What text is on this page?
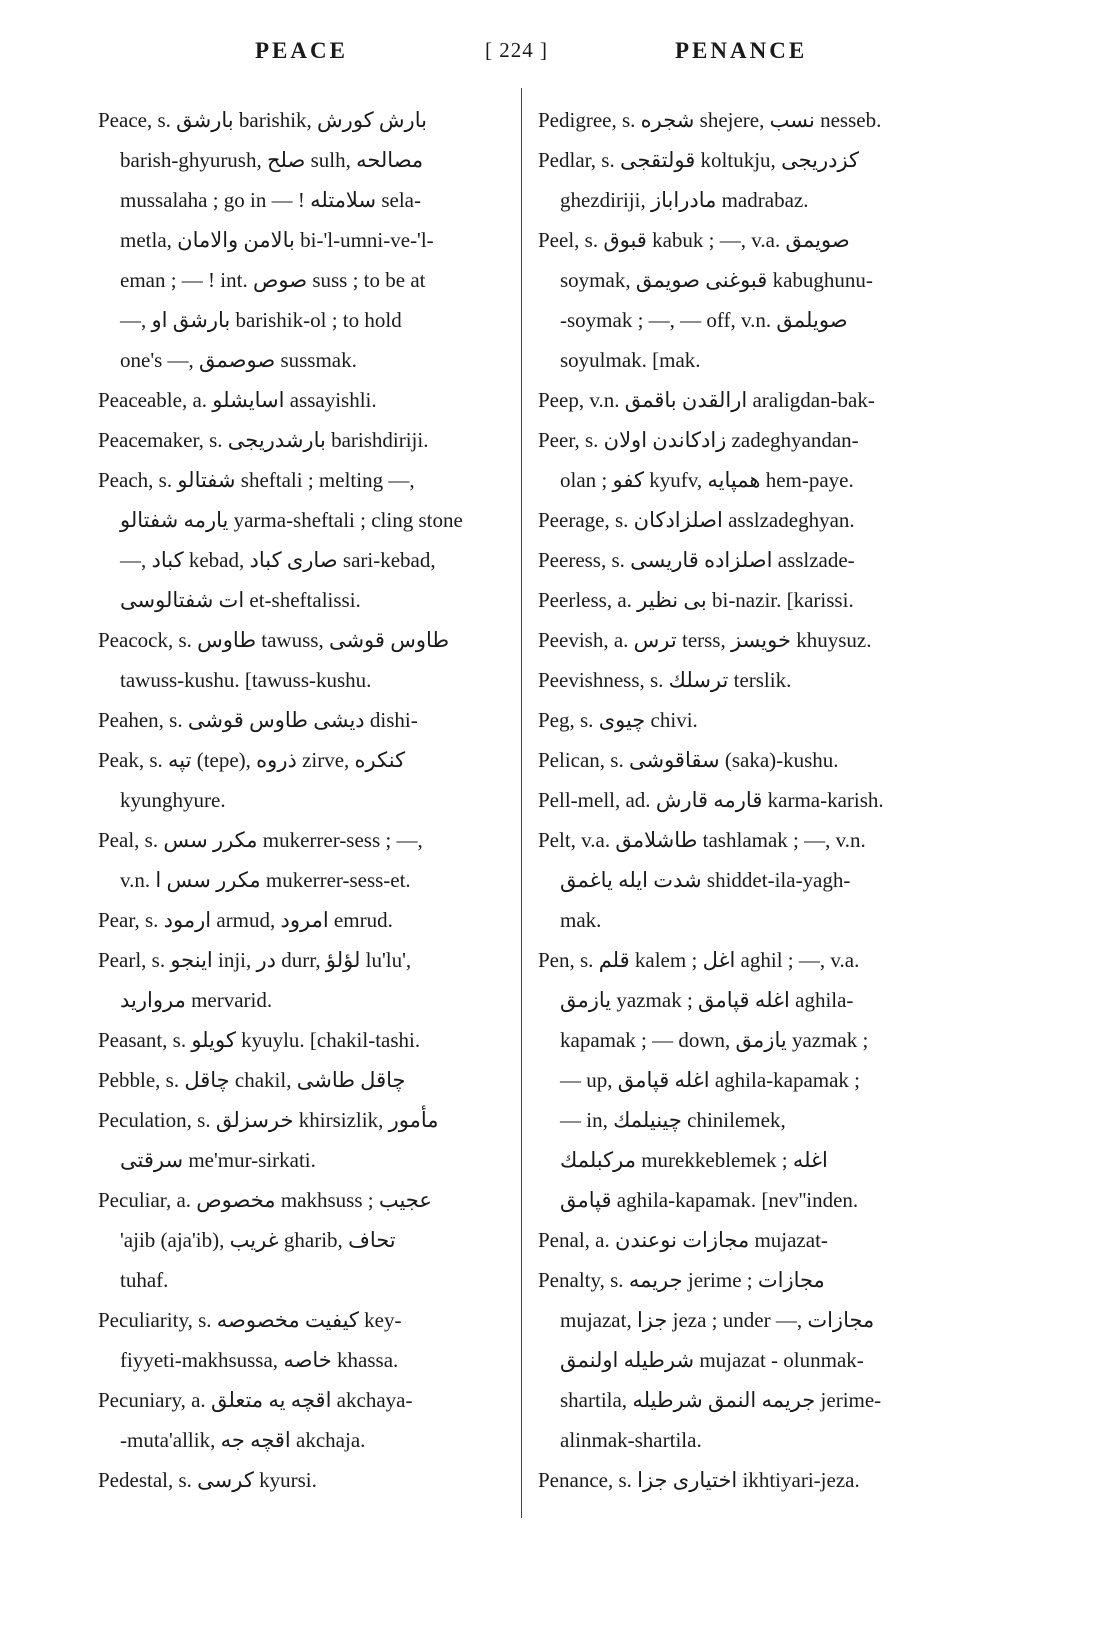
PEACE	[ 224 ]	PENANCE
Peace, s. بارشق barishik, بارش کورش
barish-ghyurush, صلح sulh, مصالحه
mussalaha ; go in — ! سلامتله sela-
metla, بالامن والامان bi-'l-umni-ve-'l-
eman ; — ! int. صوص suss ; to be at
—, بارشق او barishik-ol ; to hold
one's —, صوصمق sussmak.
Peaceable, a. اسایشلو assayishli.
Peacemaker, s. بارشدریجی barishdiriji.
Peach, s. شفتالو sheftali ; melting —,
یارمه شفتالو yarma-sheftali ; cling stone
—, کباد kebad, صاری کباد sari-kebad,
ات شفتالوسی et-sheftalissi.
Peacock, s. طاوس tawuss, طاوس قوشی
tawuss-kushu. [tawuss-kushu.
Peahen, s. دیشی طاوس قوشی dishi-
Peak, s. تپه (tepe), ذروه zirve, کنکره
kyunghyure.
Peal, s. مکرر سس mukerrer-sess ; —,
v.n. مکرر سس ا mukerrer-sess-et.
Pear, s. ارمود armud, امرود emrud.
Pearl, s. اینجو inji, در durr, لؤلؤ lu'lu',
مروارید mervarid.
Peasant, s. کویلو kyuylu. [chakil-tashi.
Pebble, s. چاقل chakil, چاقل طاشی
Peculation, s. خرسزلق khirsizlik, مأمور
سرقتی me'mur-sirkati.
Peculiar, a. مخصوص makhsuss ; عجیب
'ajib (aja'ib), غریب gharib, تحاف
tuhaf.
Peculiarity, s. کیفیت مخصوصه key-
fiyyeti-makhsussa, خاصه khassa.
Pecuniary, a. اقچه یه متعلق akchaya-
-muta'allik, اقچه جه akchaja.
Pedestal, s. کرسی kyursi.
Pedigree, s. شجره shejere, نسب nesseb.
Pedlar, s. قولتقجی koltukju, کزدریجی
ghezdiriji, مادراباز madrabaz.
Peel, s. قبوق kabuk ; —, v.a. صویمق
soymak, قبوغنی صویمق kabughunu-
-soymak ; —, — off, v.n. صویلمق
soyulmak. [mak.
Peep, v.n. ارالقدن باقمق araligdan-bak-
Peer, s. زادکاندن اولان zadeghyandan-
olan ; کفو kyufv, همپایه hem-paye.
Peerage, s. اصلزادکان asslzadeghyan.
Peeress, s. اصلزاده قاریسی asslzade-
Peerless, a. بی نظیر bi-nazir. [karissi.
Peevish, a. ترس terss, خویسز khuysuz.
Peevishness, s. ترسلك terslik.
Peg, s. چیوی chivi.
Pelican, s. سقاقوشی (saka)-kushu.
Pell-mell, ad. قارمه قارش karma-karish.
Pelt, v.a. طاشلامق tashlamak ; —, v.n.
شدت ایله یاغمق shiddet-ila-yagh-
mak.
Pen, s. قلم kalem ; اغل aghil ; —, v.a.
یازمق yazmak ; اغله قپامق aghila-
kapamak ; — down, یازمق yazmak ;
— up, اغله قپامق aghila-kapamak ;
— in, چینیلمك chinilemek,
مرکبلمك murekkeblemek ; اغله
قپامق aghila-kapamak. [nev''inden.
Penal, a. مجازات نوعندن mujazat-
Penalty, s. جریمه jerime ; مجازات
mujazat, جزا jeza ; under —, مجازات
شرطیله اولنمق mujazat - olunmak-
shartila, جریمه النمق شرطیله jerime-
alinmak-shartila.
Penance, s. اختیاری جزا ikhtiyari-jeza.
